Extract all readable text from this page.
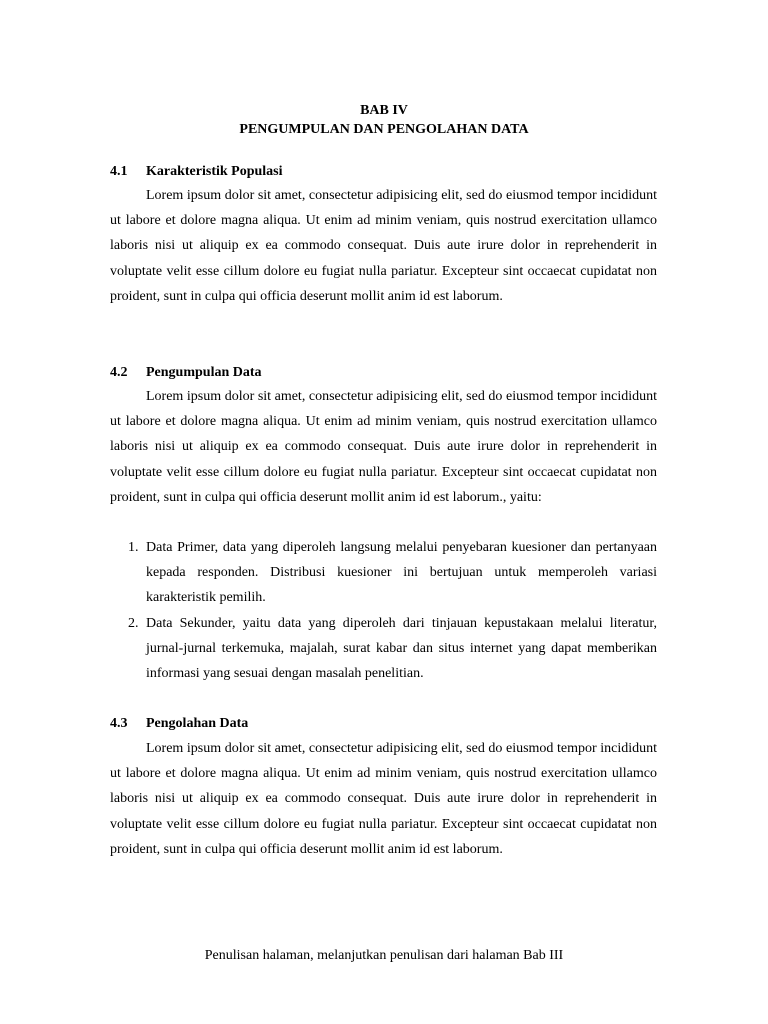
BAB IV
PENGUMPULAN DAN PENGOLAHAN DATA
4.1 Karakteristik Populasi

Lorem ipsum dolor sit amet, consectetur adipisicing elit, sed do eiusmod tempor incididunt ut labore et dolore magna aliqua. Ut enim ad minim veniam, quis nostrud exercitation ullamco laboris nisi ut aliquip ex ea commodo consequat. Duis aute irure dolor in reprehenderit in voluptate velit esse cillum dolore eu fugiat nulla pariatur. Excepteur sint occaecat cupidatat non proident, sunt in culpa qui officia deserunt mollit anim id est laborum.

4.2 Pengumpulan Data

Lorem ipsum dolor sit amet, consectetur adipisicing elit, sed do eiusmod tempor incididunt ut labore et dolore magna aliqua. Ut enim ad minim veniam, quis nostrud exercitation ullamco laboris nisi ut aliquip ex ea commodo consequat. Duis aute irure dolor in reprehenderit in voluptate velit esse cillum dolore eu fugiat nulla pariatur. Excepteur sint occaecat cupidatat non proident, sunt in culpa qui officia deserunt mollit anim id est laborum., yaitu:

1. Data Primer, data yang diperoleh langsung melalui penyebaran kuesioner dan pertanyaan kepada responden. Distribusi kuesioner ini bertujuan untuk memperoleh variasi karakteristik pemilih.
2. Data Sekunder, yaitu data yang diperoleh dari tinjauan kepustakaan melalui literatur, jurnal-jurnal terkemuka, majalah, surat kabar dan situs internet yang dapat memberikan informasi yang sesuai dengan masalah penelitian.
4.3 Pengolahan Data

Lorem ipsum dolor sit amet, consectetur adipisicing elit, sed do eiusmod tempor incididunt ut labore et dolore magna aliqua. Ut enim ad minim veniam, quis nostrud exercitation ullamco laboris nisi ut aliquip ex ea commodo consequat. Duis aute irure dolor in reprehenderit in voluptate velit esse cillum dolore eu fugiat nulla pariatur. Excepteur sint occaecat cupidatat non proident, sunt in culpa qui officia deserunt mollit anim id est laborum.

Penulisan halaman, melanjutkan penulisan dari halaman Bab III
